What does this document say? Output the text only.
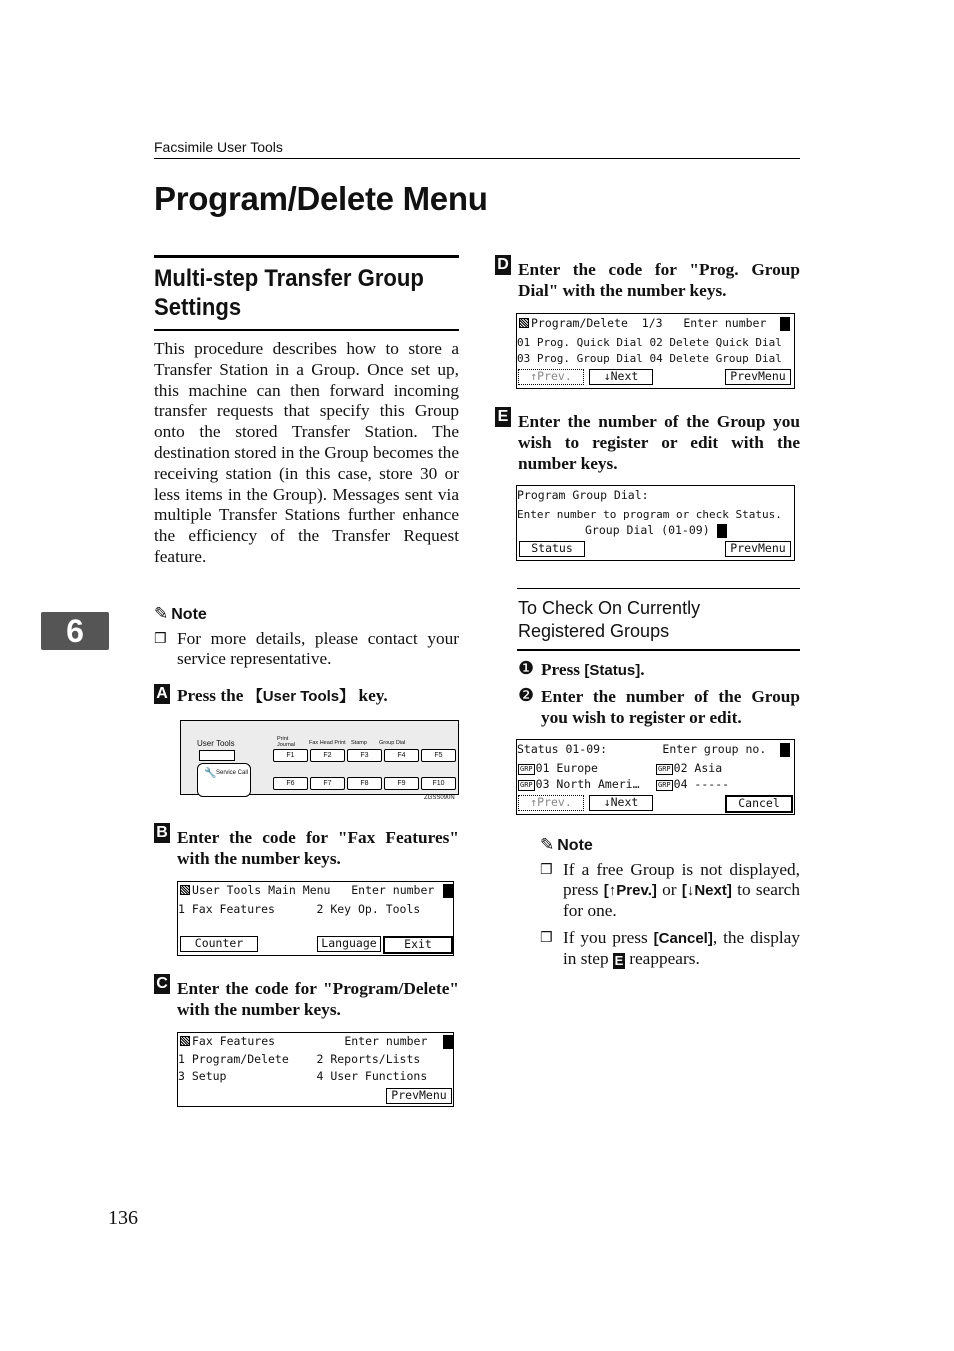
Facsimile User Tools
Program/Delete Menu
Multi-step Transfer Group Settings
This procedure describes how to store a Transfer Station in a Group. Once set up, this machine can then forward incoming transfer requests that specify this Group onto the stored Transfer Station. The destination stored in the Group becomes the receiving station (in this case, store 30 or less items in the Group). Messages sent via multiple Transfer Stations further enhance the efficiency of the Transfer Request feature.
6	✎ Note
❒ For more details, please contact your service representative.
A Press the 【User Tools】 key.
User Tools
🔧 Service Call
Print Journal	Fax Head Print Stamp Group Dial
F1	F2	F3	F4	F5
F6	F7	F8	F9	F10
ZGSS090N
B Enter the code for "Fax Features" with the number keys.
User Tools Main Menu   Enter number
1 Fax Features      2 Key Op. Tools
Counter	Language	Exit
C Enter the code for "Program/Delete" with the number keys.
Fax Features          Enter number
1 Program/Delete    2 Reports/Lists
3 Setup             4 User Functions
PrevMenu
D Enter the code for "Prog. Group Dial" with the number keys.
Program/Delete  1/3   Enter number
01 Prog. Quick Dial 02 Delete Quick Dial
03 Prog. Group Dial 04 Delete Group Dial
↑Prev.	↓Next	PrevMenu
E Enter the number of the Group you wish to register or edit with the number keys.
Program Group Dial:
Enter number to program or check Status.
Group Dial (01-09)
Status	PrevMenu
To Check On Currently Registered Groups
❶ Press [Status].
❷ Enter the number of the Group you wish to register or edit.
Status 01-09:        Enter group no.
GRP 01 Europe	GRP 02 Asia
GRP 03 North Ameri…	GRP 04 -----
↑Prev.	↓Next	Cancel
✎ Note
❒ If a free Group is not displayed, press [↑Prev.] or [↓Next] to search for one.
❒ If you press [Cancel], the display in step E reappears.
136
